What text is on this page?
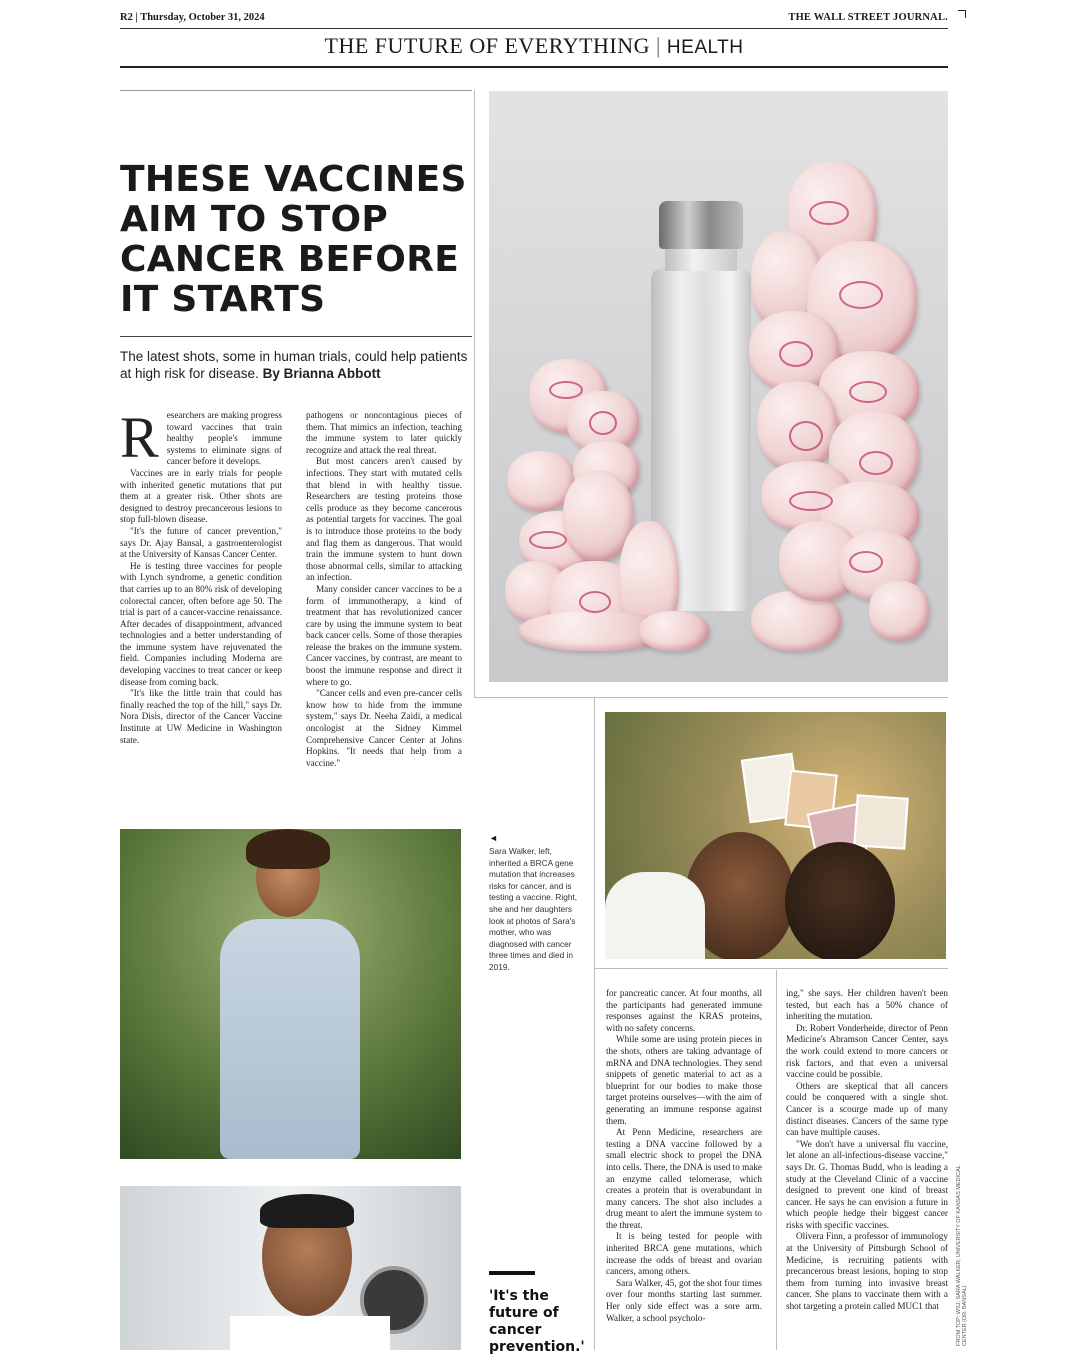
R2 | Thursday, October 31, 2024	THE WALL STREET JOURNAL.
THE FUTURE OF EVERYTHING | HEALTH
THESE VACCINES AIM TO STOP CANCER BEFORE IT STARTS
The latest shots, some in human trials, could help patients at high risk for disease. By Brianna Abbott
R esearchers are making progress toward vaccines that train healthy people's immune systems to eliminate signs of cancer before it develops.

Vaccines are in early trials for people with inherited genetic mutations that put them at a greater risk. Other shots are designed to destroy precancerous lesions to stop full-blown disease.

"It's the future of cancer prevention," says Dr. Ajay Bansal, a gastroenterologist at the University of Kansas Cancer Center.

He is testing three vaccines for people with Lynch syndrome, a genetic condition that carries up to an 80% risk of developing colorectal cancer, often before age 50. The trial is part of a cancer-vaccine renaissance. After decades of disappointment, advanced technologies and a better understanding of the immune system have rejuvenated the field. Companies including Moderna are developing vaccines to treat cancer or keep disease from coming back.

"It's like the little train that could has finally reached the top of the hill," says Dr. Nora Disis, director of the Cancer Vaccine Institute at UW Medicine in Washington state.

pathogens or noncontagious pieces of them. That mimics an infection, teaching the immune system to later quickly recognize and attack the real threat.

But most cancers aren't caused by infections. They start with mutated cells that blend in with healthy tissue. Researchers are testing proteins those cells produce as they become cancerous as potential targets for vaccines. The goal is to introduce those proteins to the body and flag them as dangerous. That would train the immune system to hunt down those abnormal cells, similar to attacking an infection.

Many consider cancer vaccines to be a form of immunotherapy, a kind of treatment that has revolutionized cancer care by using the immune system to beat back cancer cells. Some of those therapies release the brakes on the immune system. Cancer vaccines, by contrast, are meant to boost the immune response and direct it where to go.

"Cancer cells and even pre-cancer cells know how to hide from the immune system," says Dr. Neeha Zaidi, a medical oncologist at the Sidney Kimmel Comprehensive Cancer Center at Johns Hopkins. "It needs that help from a vaccine."

◄
Sara Walker, left, inherited a BRCA gene mutation that increases risks for cancer, and is testing a vaccine. Right, she and her daughters look at photos of Sara's mother, who was diagnosed with cancer three times and died in 2019.
'It's the future of cancer prevention.'

for pancreatic cancer. At four months, all the participants had generated immune responses against the KRAS proteins, with no safety concerns.

While some are using protein pieces in the shots, others are taking advantage of mRNA and DNA technologies. They send snippets of genetic material to act as a blueprint for our bodies to make those target proteins ourselves—with the aim of generating an immune response against them.

At Penn Medicine, researchers are testing a DNA vaccine followed by a small electric shock to propel the DNA into cells. There, the DNA is used to make an enzyme called telomerase, which creates a protein that is overabundant in many cancers. The shot also includes a drug meant to alert the immune system to the threat.

It is being tested for people with inherited BRCA gene mutations, which increase the odds of breast and ovarian cancers, among others.

Sara Walker, 45, got the shot four times over four months starting last summer. Her only side effect was a sore arm. Walker, a school psycholo-

ing," she says. Her children haven't been tested, but each has a 50% chance of inheriting the mutation.

Dr. Robert Vonderheide, director of Penn Medicine's Abramson Cancer Center, says the work could extend to more cancers or risk factors, and that even a universal vaccine could be possible.

Others are skeptical that all cancers could be conquered with a single shot. Cancer is a scourge made up of many distinct diseases. Cancers of the same type can have multiple causes.

"We don't have a universal flu vaccine, let alone an all-infectious-disease vaccine," says Dr. G. Thomas Budd, who is leading a study at the Cleveland Clinic of a vaccine designed to prevent one kind of breast cancer. He says he can envision a future in which people hedge their biggest cancer risks with specific vaccines.

Olivera Finn, a professor of immunology at the University of Pittsburgh School of Medicine, is recruiting patients with precancerous breast lesions, hoping to stop them from turning into invasive breast cancer. She plans to vaccinate them with a shot targeting a protein called MUC1 that	FROM TOP: WSJ; SARA WALKER; UNIVERSITY OF KANSAS MEDICAL CENTER (DR. BANSAL)
